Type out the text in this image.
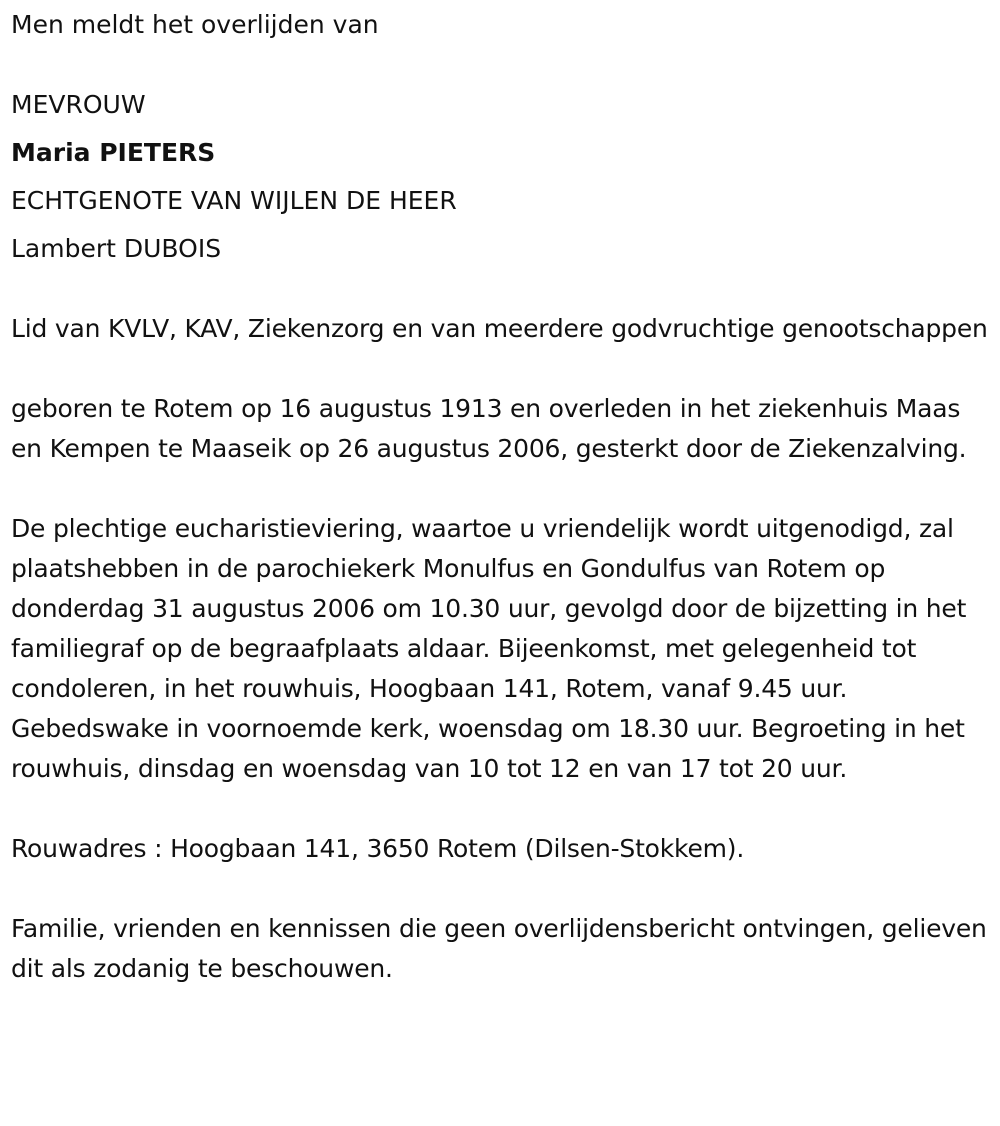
Men meldt het overlijden van

MEVROUW

Maria PIETERS

ECHTGENOTE VAN WIJLEN DE HEER

Lambert DUBOIS

Lid van KVLV, KAV, Ziekenzorg en van meerdere godvruchtige genootschappen

geboren te Rotem op 16 augustus 1913 en overleden in het ziekenhuis Maas en Kempen te Maaseik op 26 augustus 2006, gesterkt door de Ziekenzalving.

De plechtige eucharistieviering, waartoe u vriendelijk wordt uitgenodigd, zal plaatshebben in de parochiekerk Monulfus en Gondulfus van Rotem op donderdag 31 augustus 2006 om 10.30 uur, gevolgd door de bijzetting in het familiegraf op de begraafplaats aldaar. Bijeenkomst, met gelegenheid tot condoleren, in het rouwhuis, Hoogbaan 141, Rotem, vanaf 9.45 uur. Gebedswake in voornoemde kerk, woensdag om 18.30 uur. Begroeting in het rouwhuis, dinsdag en woensdag van 10 tot 12 en van 17 tot 20 uur.

Rouwadres : Hoogbaan 141, 3650 Rotem (Dilsen-Stokkem).

Familie, vrienden en kennissen die geen overlijdensbericht ontvingen, gelieven dit als zodanig te beschouwen.
